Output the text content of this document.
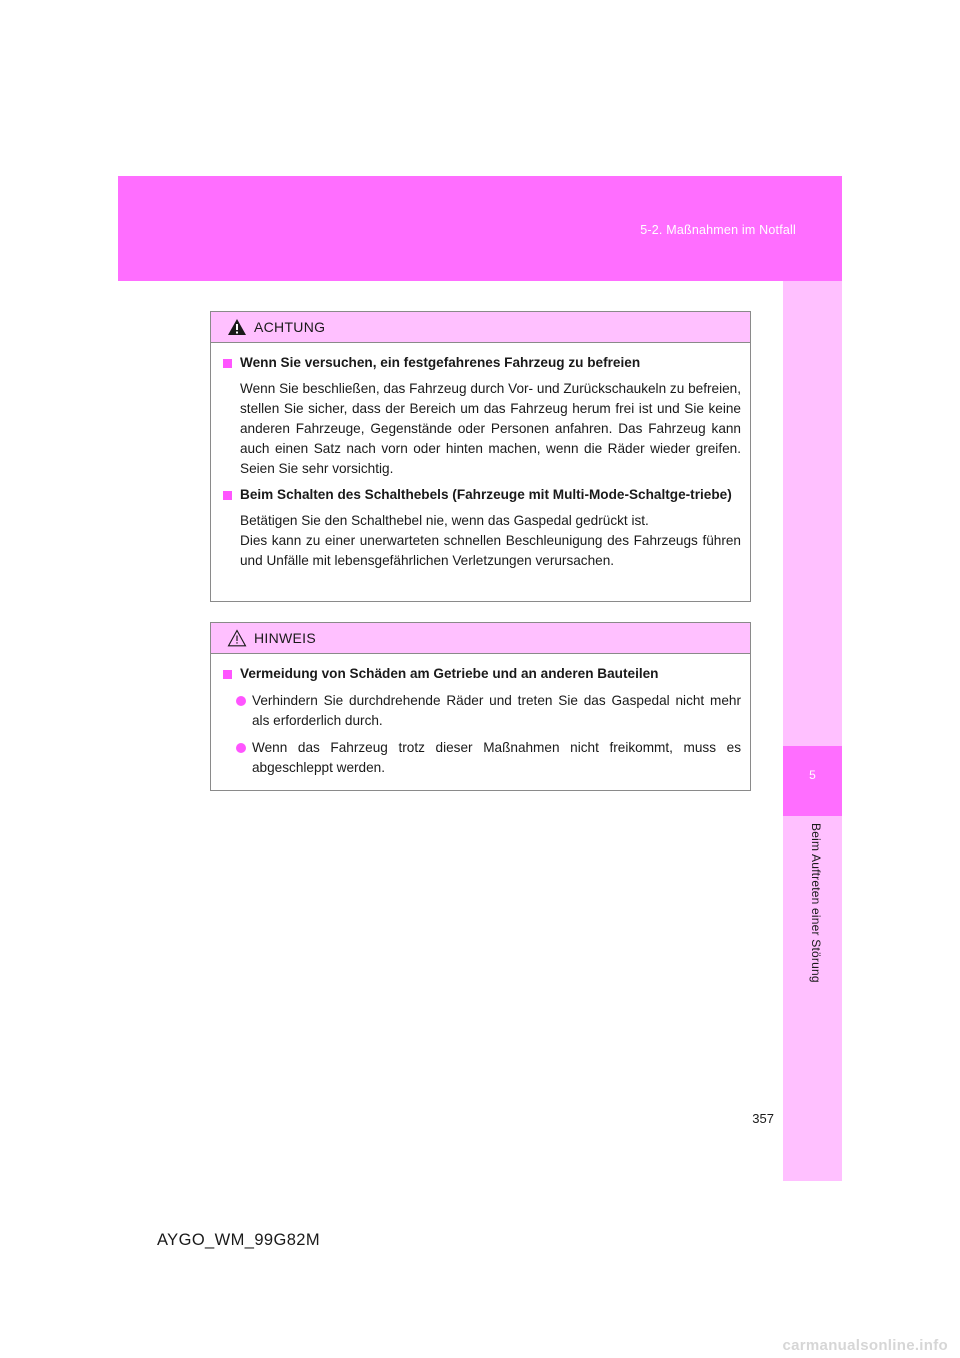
5-2. Maßnahmen im Notfall
5
Beim Auftreten einer Störung
ACHTUNG
Wenn Sie versuchen, ein festgefahrenes Fahrzeug zu befreien

Wenn Sie beschließen, das Fahrzeug durch Vor- und Zurückschaukeln zu befreien, stellen Sie sicher, dass der Bereich um das Fahrzeug herum frei ist und Sie keine anderen Fahrzeuge, Gegenstände oder Personen anfahren. Das Fahrzeug kann auch einen Satz nach vorn oder hinten machen, wenn die Räder wieder greifen. Seien Sie sehr vorsichtig.

Beim Schalten des Schalthebels (Fahrzeuge mit Multi-Mode-Schaltge-triebe)

Betätigen Sie den Schalthebel nie, wenn das Gaspedal gedrückt ist.

Dies kann zu einer unerwarteten schnellen Beschleunigung des Fahrzeugs führen und Unfälle mit lebensgefährlichen Verletzungen verursachen.

HINWEIS
Vermeidung von Schäden am Getriebe und an anderen Bauteilen
Verhindern Sie durchdrehende Räder und treten Sie das Gaspedal nicht mehr als erforderlich durch.
Wenn das Fahrzeug trotz dieser Maßnahmen nicht freikommt, muss es abgeschleppt werden.
357
AYGO_WM_99G82M
carmanualsonline.info
